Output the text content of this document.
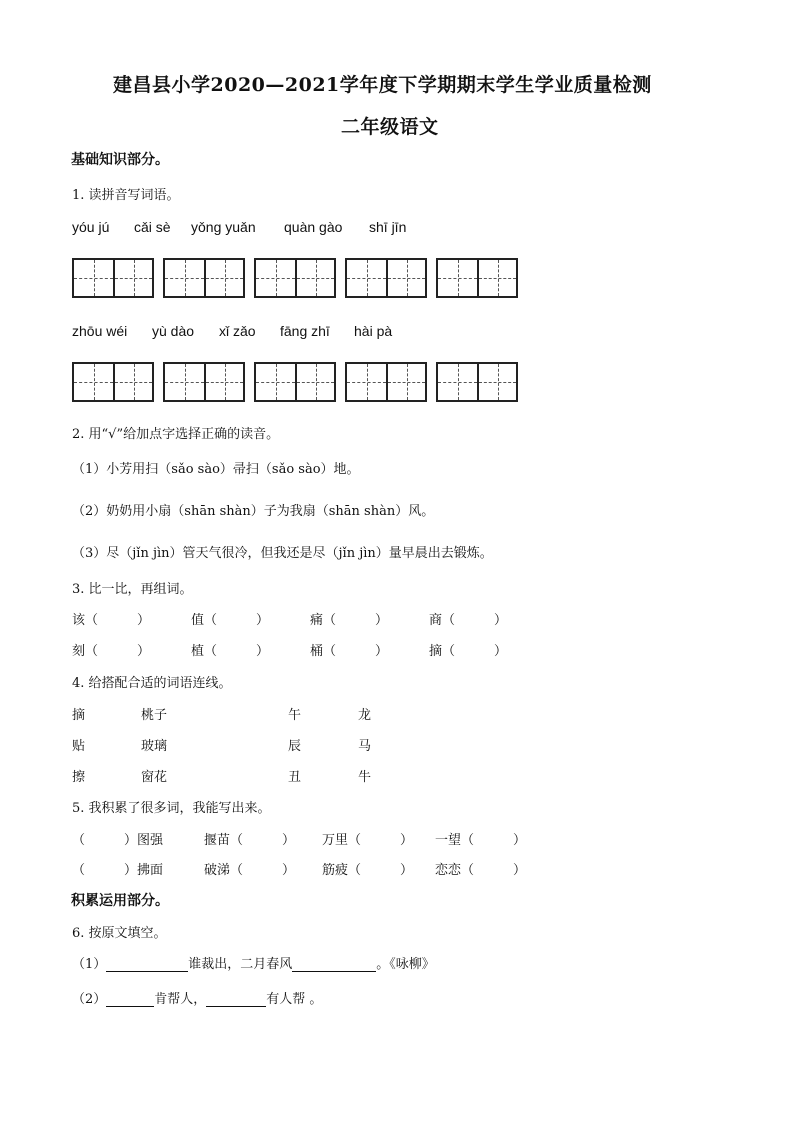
建昌县小学2020—2021学年度下学期期末学生学业质量检测
二年级语文
基础知识部分。
1. 读拼音写词语。
yóu jú cǎi sè yǒng yuǎn quàn gào shī jīn
zhōu wéi yù dào xǐ zǎo fāng zhī hài pà
2. 用“√”给加点字选择正确的读音。
（1）小芳用扫（sǎo sào）帚扫（sǎo sào）地。
（2）奶奶用小扇（shān shàn）子为我扇（shān shàn）风。
（3）尽（jǐn jìn）管天气很冷，但我还是尽（jǐn jìn）量早晨出去锻炼。
3. 比一比，再组词。
该（　　　）	值（　　　）	痛（　　　）	商（　　　）
刻（　　　）	植（　　　）	桶（　　　）	摘（　　　）
4. 给搭配合适的词语连线。
摘	桃子	午	龙
贴	玻璃	辰	马
擦	窗花	丑	牛
5. 我积累了很多词，我能写出来。
（　　　）图强	揠苗（　　　） 万里（　　　） 一望（　　　）
（　　　）拂面	破涕（　　　） 筋疲（　　　） 恋恋（　　　）
积累运用部分。
6. 按原文填空。
（1）	谁裁出，二月春风	。《咏柳》
（2）	肯帮人，	有人帮 。
